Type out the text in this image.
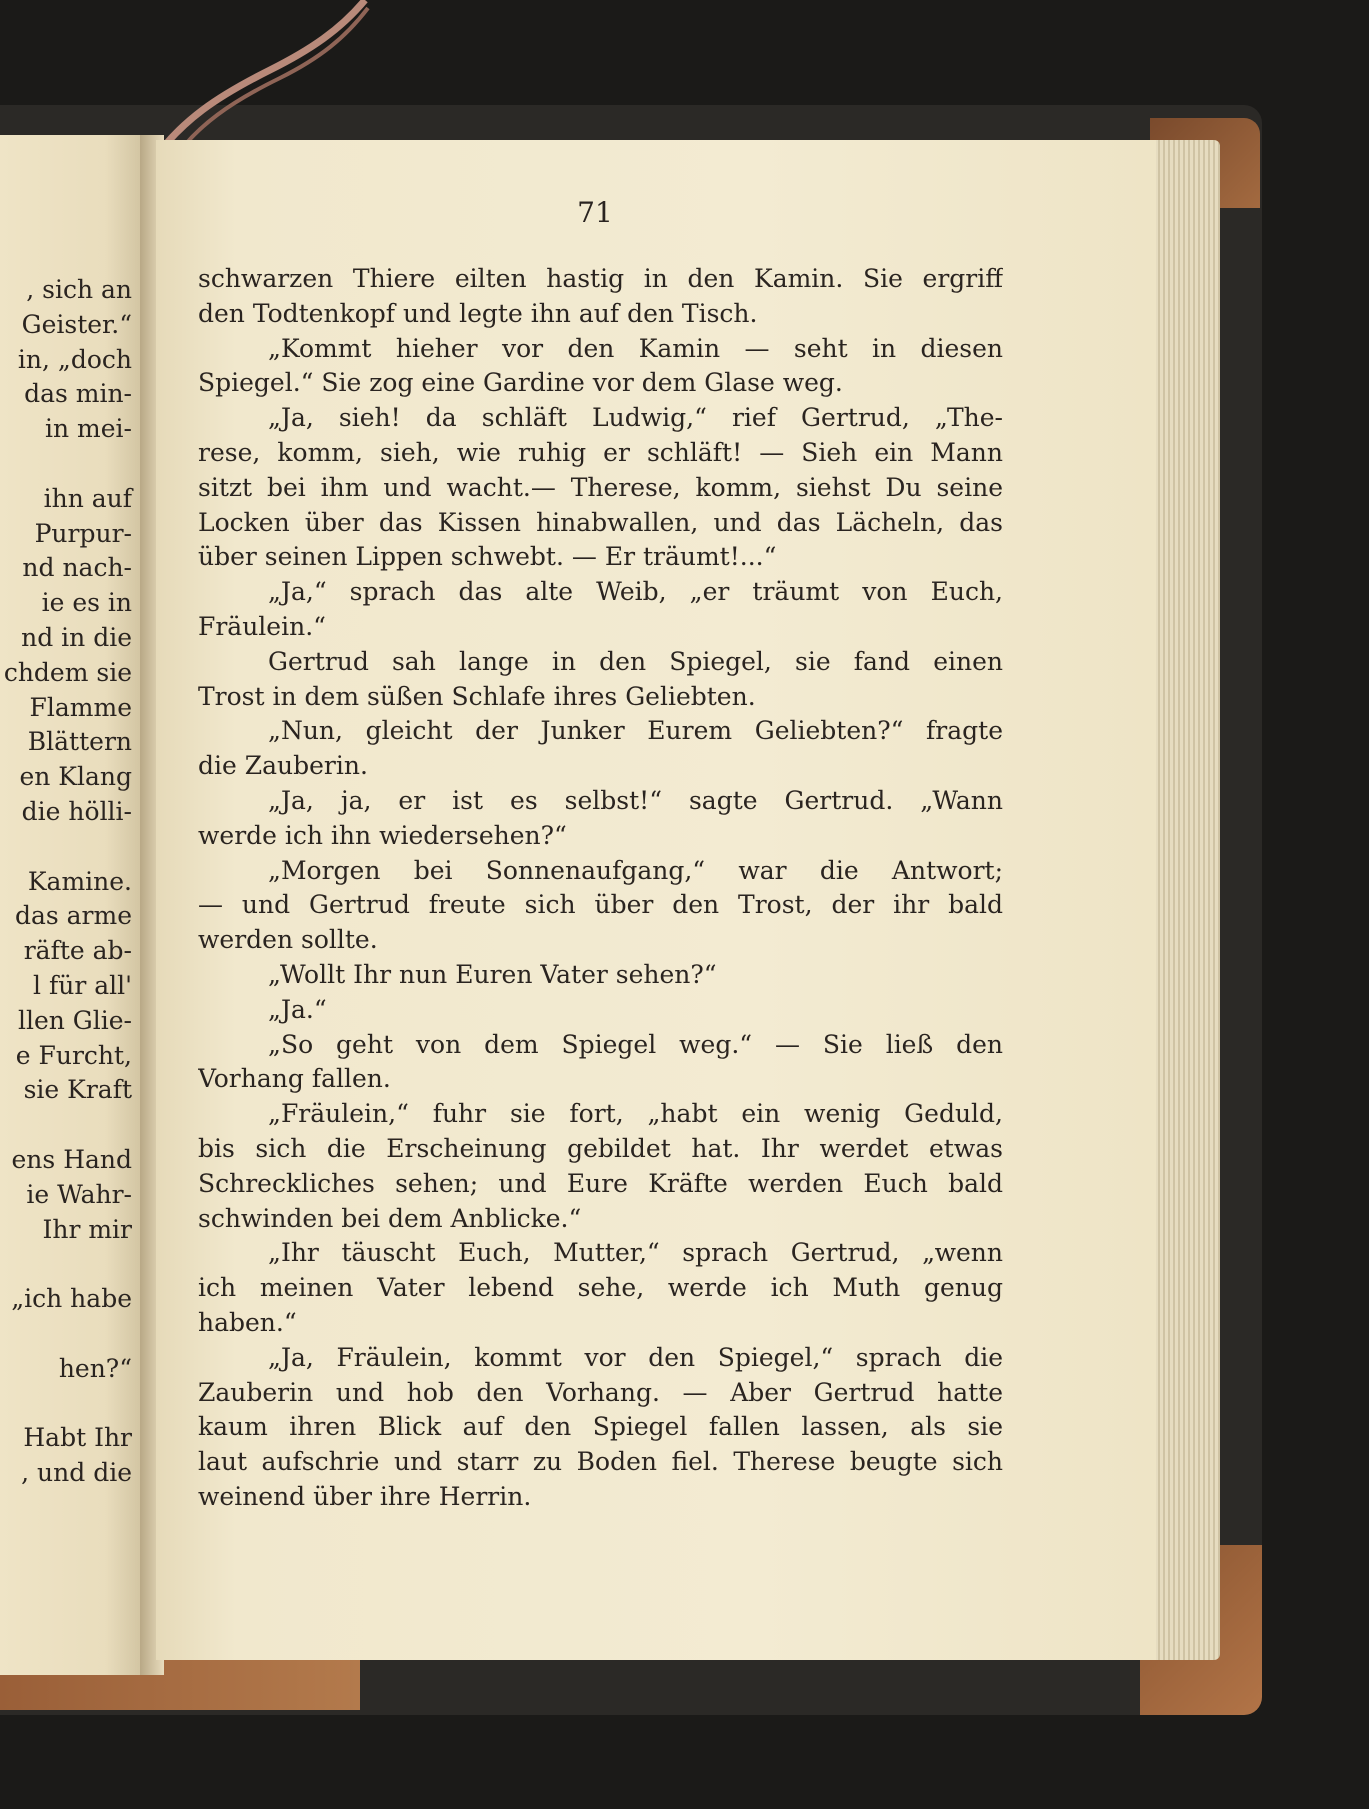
, sich an
Geister.“
in, „doch
das min-
in mei-
ihn auf
Purpur-
nd nach-
ie es in
nd in die
chdem sie
Flamme
Blättern
en Klang
die hölli-
Kamine.
das arme
räfte ab-
l für all'
llen Glie-
e Furcht,
sie Kraft
ens Hand
ie Wahr-
Ihr mir
„ich habe
hen?“
Habt Ihr
, und die
71
schwarzen Thiere eilten hastig in den Kamin. Sie ergriff
den Todtenkopf und legte ihn auf den Tisch.
„Kommt hieher vor den Kamin — seht in diesen
Spiegel.“ Sie zog eine Gardine vor dem Glase weg.
„Ja, sieh! da schläft Ludwig,“ rief Gertrud, „The-
rese, komm, sieh, wie ruhig er schläft! — Sieh ein Mann
sitzt bei ihm und wacht.— Therese, komm, siehst Du seine
Locken über das Kissen hinabwallen, und das Lächeln, das
über seinen Lippen schwebt. — Er träumt!...“
„Ja,“ sprach das alte Weib, „er träumt von Euch,
Fräulein.“
Gertrud sah lange in den Spiegel, sie fand einen
Trost in dem süßen Schlafe ihres Geliebten.
„Nun, gleicht der Junker Eurem Geliebten?“ fragte
die Zauberin.
„Ja, ja, er ist es selbst!“ sagte Gertrud. „Wann
werde ich ihn wiedersehen?“
„Morgen bei Sonnenaufgang,“ war die Antwort;
— und Gertrud freute sich über den Trost, der ihr bald
werden sollte.
„Wollt Ihr nun Euren Vater sehen?“
„Ja.“
„So geht von dem Spiegel weg.“ — Sie ließ den
Vorhang fallen.
„Fräulein,“ fuhr sie fort, „habt ein wenig Geduld,
bis sich die Erscheinung gebildet hat. Ihr werdet etwas
Schreckliches sehen; und Eure Kräfte werden Euch bald
schwinden bei dem Anblicke.“
„Ihr täuscht Euch, Mutter,“ sprach Gertrud, „wenn
ich meinen Vater lebend sehe, werde ich Muth genug
haben.“
„Ja, Fräulein, kommt vor den Spiegel,“ sprach die
Zauberin und hob den Vorhang. — Aber Gertrud hatte
kaum ihren Blick auf den Spiegel fallen lassen, als sie
laut aufschrie und starr zu Boden fiel. Therese beugte sich
weinend über ihre Herrin.
